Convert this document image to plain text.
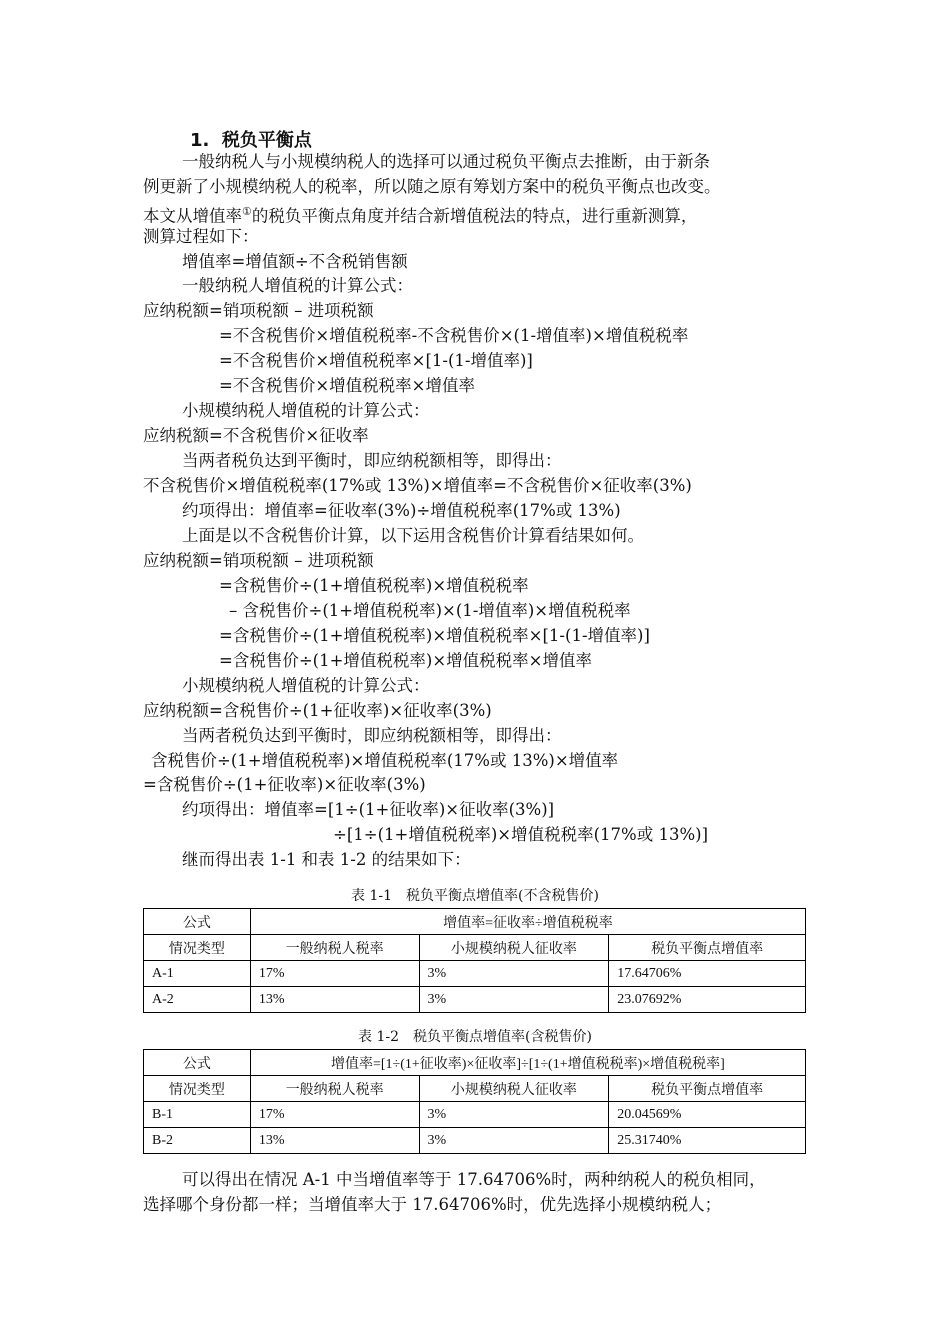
1. 税负平衡点
一般纳税人与小规模纳税人的选择可以通过税负平衡点去推断，由于新条
例更新了小规模纳税人的税率，所以随之原有筹划方案中的税负平衡点也改变。
本文从增值率①的税负平衡点角度并结合新增值税法的特点，进行重新测算，
测算过程如下：
增值率=增值额÷不含税销售额
一般纳税人增值税的计算公式：
应纳税额=销项税额 – 进项税额
=不含税售价×增值税税率-不含税售价×(1-增值率)×增值税税率
=不含税售价×增值税税率×[1-(1-增值率)]
=不含税售价×增值税税率×增值率
小规模纳税人增值税的计算公式：
应纳税额=不含税售价×征收率
当两者税负达到平衡时，即应纳税额相等，即得出：
不含税售价×增值税税率(17%或 13%)×增值率=不含税售价×征收率(3%)
约项得出：增值率=征收率(3%)÷增值税税率(17%或 13%)
上面是以不含税售价计算，以下运用含税售价计算看结果如何。
应纳税额=销项税额 – 进项税额
=含税售价÷(1+增值税税率)×增值税税率
– 含税售价÷(1+增值税税率)×(1-增值率)×增值税税率
=含税售价÷(1+增值税税率)×增值税税率×[1-(1-增值率)]
=含税售价÷(1+增值税税率)×增值税税率×增值率
小规模纳税人增值税的计算公式：
应纳税额=含税售价÷(1+征收率)×征收率(3%)
当两者税负达到平衡时，即应纳税额相等，即得出：
含税售价÷(1+增值税税率)×增值税税率(17%或 13%)×增值率
=含税售价÷(1+征收率)×征收率(3%)
约项得出：增值率=[1÷(1+征收率)×征收率(3%)]
÷[1÷(1+增值税税率)×增值税税率(17%或 13%)]
继而得出表 1-1 和表 1-2 的结果如下：
表 1-1　税负平衡点增值率(不含税售价)
公式	增值率=征收率÷增值税税率		
情况类型	一般纳税人税率	小规模纳税人征收率	税负平衡点增值率
A-1	17%	3%	17.64706%
A-2	13%	3%	23.07692%
表 1-2　税负平衡点增值率(含税售价)
公式	增值率=[1÷(1+征收率)×征收率]÷[1÷(1+增值税税率)×增值税税率]		
情况类型	一般纳税人税率	小规模纳税人征收率	税负平衡点增值率
B-1	17%	3%	20.04569%
B-2	13%	3%	25.31740%
可以得出在情况 A-1 中当增值率等于 17.64706%时，两种纳税人的税负相同，
选择哪个身份都一样；当增值率大于 17.64706%时，优先选择小规模纳税人；
